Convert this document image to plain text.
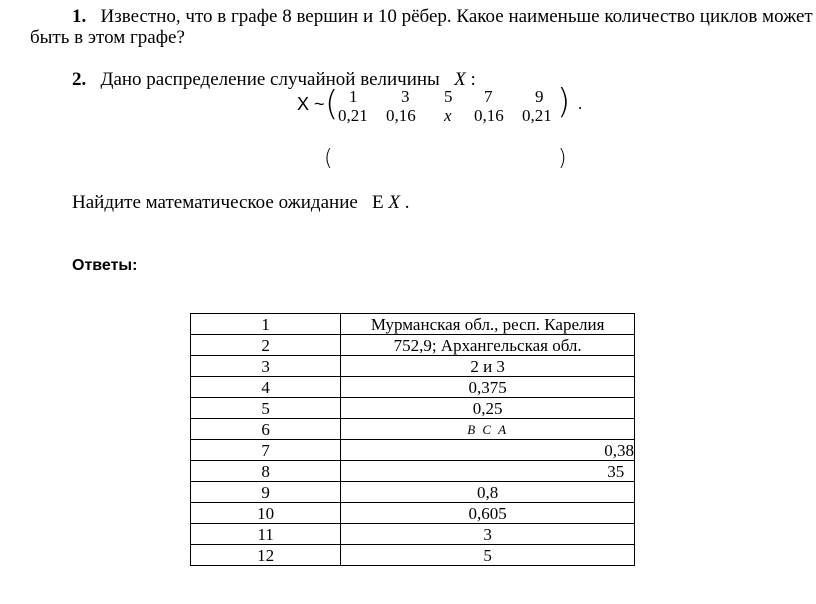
1. Известно, что в графе 8 вершин и 10 рёбер. Какое наименьше количество циклов может
быть в этом графе?
2. Дано распределение случайной величины X :
X ~ (	) .
1	3 5 7	9
0,21 0,16 x 0,16 0,21
(	)
Найдите математическое ожидание E X .
Ответы:
1	Мурманская обл., респ. Карелия
2	752,9; Архангельская обл.
3	2 и 3
4	0,375
5	0,25
6	B C A
7	0,38
8	35
9	0,8
10	0,605
11	3
12	5
